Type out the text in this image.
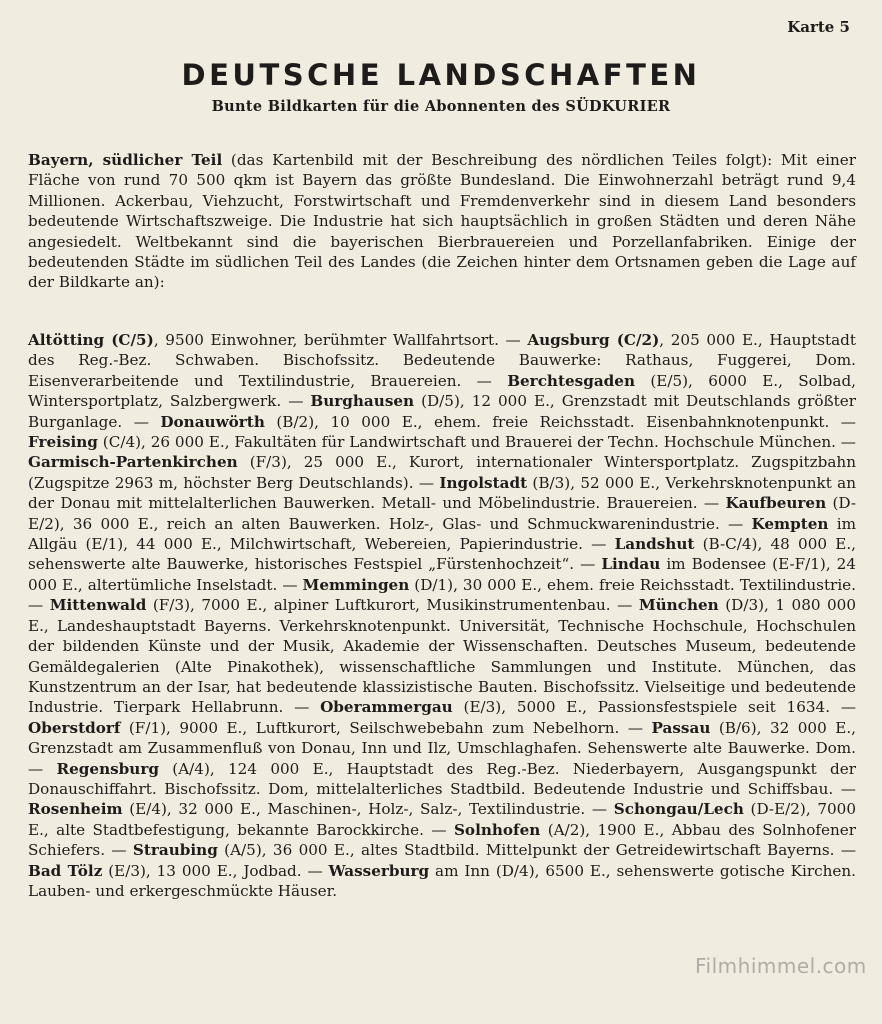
Karte 5
DEUTSCHE LANDSCHAFTEN
Bunte Bildkarten für die Abonnenten des SÜDKURIER

Bayern, südlicher Teil (das Kartenbild mit der Beschreibung des nördlichen Teiles folgt): Mit einer Fläche von rund 70 500 qkm ist Bayern das größte Bundesland. Die Einwohnerzahl beträgt rund 9,4 Millionen. Ackerbau, Viehzucht, Forstwirtschaft und Fremdenverkehr sind in diesem Land besonders bedeutende Wirtschaftszweige. Die Industrie hat sich hauptsächlich in großen Städten und deren Nähe angesiedelt. Weltbekannt sind die bayerischen Bierbrauereien und Porzellanfabriken. Einige der bedeutenden Städte im südlichen Teil des Landes (die Zeichen hinter dem Ortsnamen geben die Lage auf der Bildkarte an):

Altötting (C/5), 9500 Einwohner, berühmter Wallfahrtsort. — Augsburg (C/2), 205 000 E., Hauptstadt des Reg.-Bez. Schwaben. Bischofssitz. Bedeutende Bauwerke: Rathaus, Fuggerei, Dom. Eisenverarbeitende und Textilindustrie, Brauereien. — Berchtesgaden (E/5), 6000 E., Solbad, Wintersportplatz, Salzbergwerk. — Burghausen (D/5), 12 000 E., Grenzstadt mit Deutschlands größter Burganlage. — Donauwörth (B/2), 10 000 E., ehem. freie Reichsstadt. Eisenbahnknotenpunkt. — Freising (C/4), 26 000 E., Fakultäten für Landwirtschaft und Brauerei der Techn. Hochschule München. — Garmisch-Partenkirchen (F/3), 25 000 E., Kurort, internationaler Wintersportplatz. Zugspitzbahn (Zugspitze 2963 m, höchster Berg Deutschlands). — Ingolstadt (B/3), 52 000 E., Verkehrsknotenpunkt an der Donau mit mittelalterlichen Bauwerken. Metall- und Möbelindustrie. Brauereien. — Kaufbeuren (D-E/2), 36 000 E., reich an alten Bauwerken. Holz-, Glas- und Schmuckwarenindustrie. — Kempten im Allgäu (E/1), 44 000 E., Milchwirtschaft, Webereien, Papierindustrie. — Landshut (B-C/4), 48 000 E., sehenswerte alte Bauwerke, historisches Festspiel „Fürstenhochzeit“. — Lindau im Bodensee (E-F/1), 24 000 E., altertümliche Inselstadt. — Memmingen (D/1), 30 000 E., ehem. freie Reichsstadt. Textilindustrie. — Mittenwald (F/3), 7000 E., alpiner Luftkurort, Musikinstrumentenbau. — München (D/3), 1 080 000 E., Landeshauptstadt Bayerns. Verkehrsknotenpunkt. Universität, Technische Hochschule, Hochschulen der bildenden Künste und der Musik, Akademie der Wissenschaften. Deutsches Museum, bedeutende Gemäldegalerien (Alte Pinakothek), wissenschaftliche Sammlungen und Institute. München, das Kunstzentrum an der Isar, hat bedeutende klassizistische Bauten. Bischofssitz. Vielseitige und bedeutende Industrie. Tierpark Hellabrunn. — Oberammergau (E/3), 5000 E., Passionsfestspiele seit 1634. — Oberstdorf (F/1), 9000 E., Luftkurort, Seilschwebebahn zum Nebelhorn. — Passau (B/6), 32 000 E., Grenzstadt am Zusammenfluß von Donau, Inn und Ilz, Umschlaghafen. Sehenswerte alte Bauwerke. Dom. — Regensburg (A/4), 124 000 E., Hauptstadt des Reg.-Bez. Niederbayern, Ausgangspunkt der Donauschiffahrt. Bischofssitz. Dom, mittelalterliches Stadtbild. Bedeutende Industrie und Schiffsbau. — Rosenheim (E/4), 32 000 E., Maschinen-, Holz-, Salz-, Textilindustrie. — Schongau/Lech (D-E/2), 7000 E., alte Stadtbefestigung, bekannte Barockkirche. — Solnhofen (A/2), 1900 E., Abbau des Solnhofener Schiefers. — Straubing (A/5), 36 000 E., altes Stadtbild. Mittelpunkt der Getreidewirtschaft Bayerns. — Bad Tölz (E/3), 13 000 E., Jodbad. — Wasserburg am Inn (D/4), 6500 E., sehenswerte gotische Kirchen. Lauben- und erkergeschmückte Häuser.

Filmhimmel.com
